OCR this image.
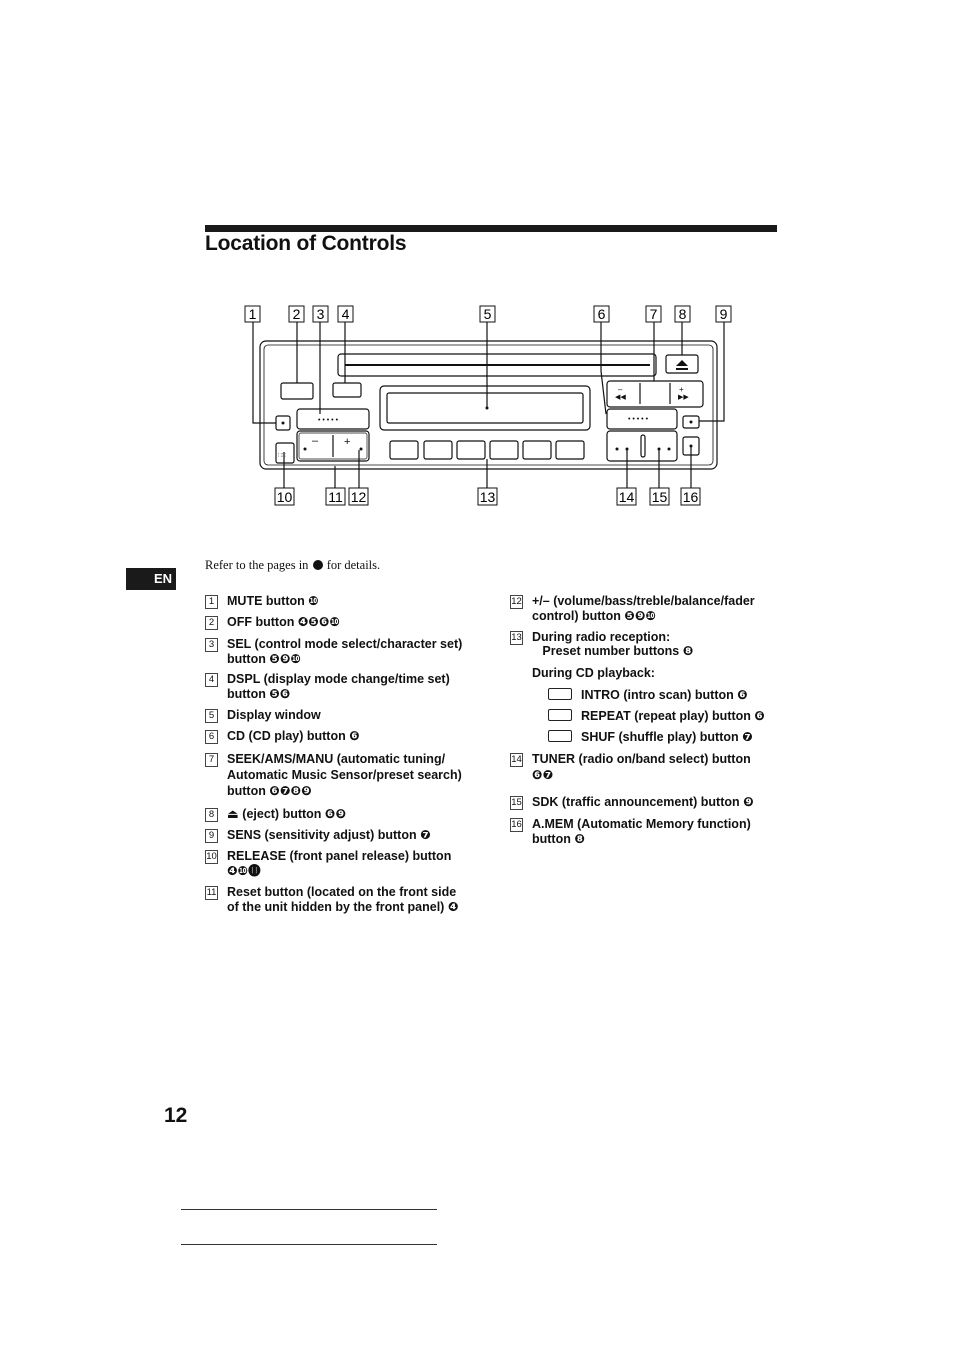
Location of Controls
EN
–	+
◀◀	▶▶
• • • • •	• • • • •
– +
∷∷
1	2 3 4	5	6	7 8 9
10	11 12	13	14 15 16
Refer to the pages in for details.
1	MUTE button ❿
2	OFF button ❹❺❻❿
3	SEL (control mode select/character set)
button ❺❾❿
4	DSPL (display mode change/time set)
button ❺❻
5	Display window
6	CD (CD play) button ❻
7	SEEK/AMS/MANU (automatic tuning/
Automatic Music Sensor/preset search)
button ❻❼❽❾
8	⏏ (eject) button ❻❾
9	SENS (sensitivity adjust) button ❼
10 RELEASE (front panel release) button
❹❿⓫
11 Reset button (located on the front side
of the unit hidden by the front panel) ❹
12 +/– (volume/bass/treble/balance/fader
control) button ❺❾❿
13 During radio reception:
Preset number buttons ❽
During CD playback:
INTRO (intro scan) button ❻
REPEAT (repeat play) button ❻
SHUF (shuffle play) button ❼
14 TUNER (radio on/band select) button
❻❼
15 SDK (traffic announcement) button ❾
16 A.MEM (Automatic Memory function)
button ❽
12
